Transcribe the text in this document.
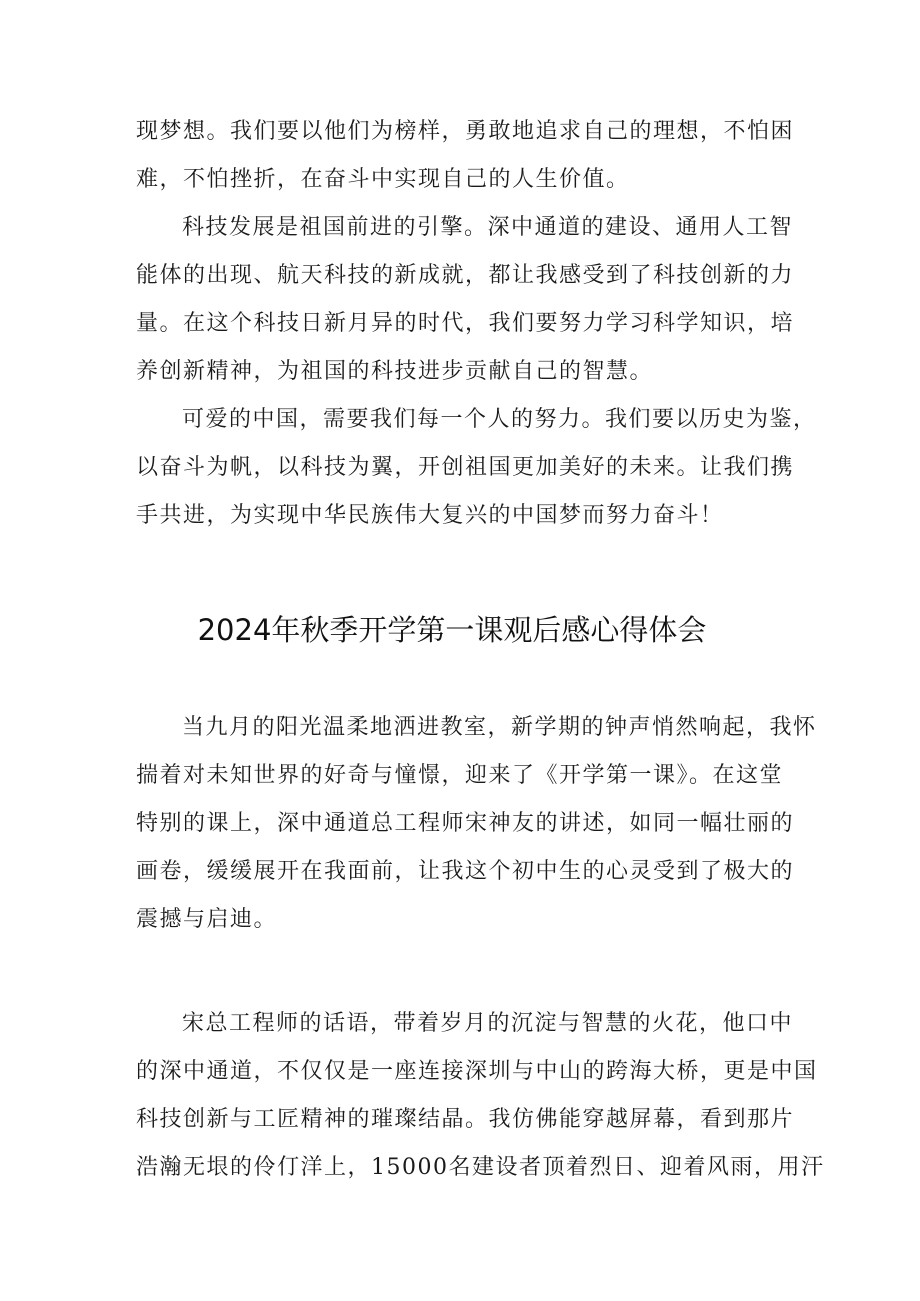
现梦想。我们要以他们为榜样，勇敢地追求自己的理想，不怕困
难，不怕挫折，在奋斗中实现自己的人生价值。
科技发展是祖国前进的引擎。深中通道的建设、通用人工智
能体的出现、航天科技的新成就，都让我感受到了科技创新的力
量。在这个科技日新月异的时代，我们要努力学习科学知识，培
养创新精神，为祖国的科技进步贡献自己的智慧。
可爱的中国，需要我们每一个人的努力。我们要以历史为鉴，
以奋斗为帆，以科技为翼，开创祖国更加美好的未来。让我们携
手共进，为实现中华民族伟大复兴的中国梦而努力奋斗！
2024年秋季开学第一课观后感心得体会
当九月的阳光温柔地洒进教室，新学期的钟声悄然响起，我怀
揣着对未知世界的好奇与憧憬，迎来了《开学第一课》。在这堂
特别的课上，深中通道总工程师宋神友的讲述，如同一幅壮丽的
画卷，缓缓展开在我面前，让我这个初中生的心灵受到了极大的
震撼与启迪。
宋总工程师的话语，带着岁月的沉淀与智慧的火花，他口中
的深中通道，不仅仅是一座连接深圳与中山的跨海大桥，更是中国
科技创新与工匠精神的璀璨结晶。我仿佛能穿越屏幕，看到那片
浩瀚无垠的伶仃洋上，15000名建设者顶着烈日、迎着风雨，用汗
